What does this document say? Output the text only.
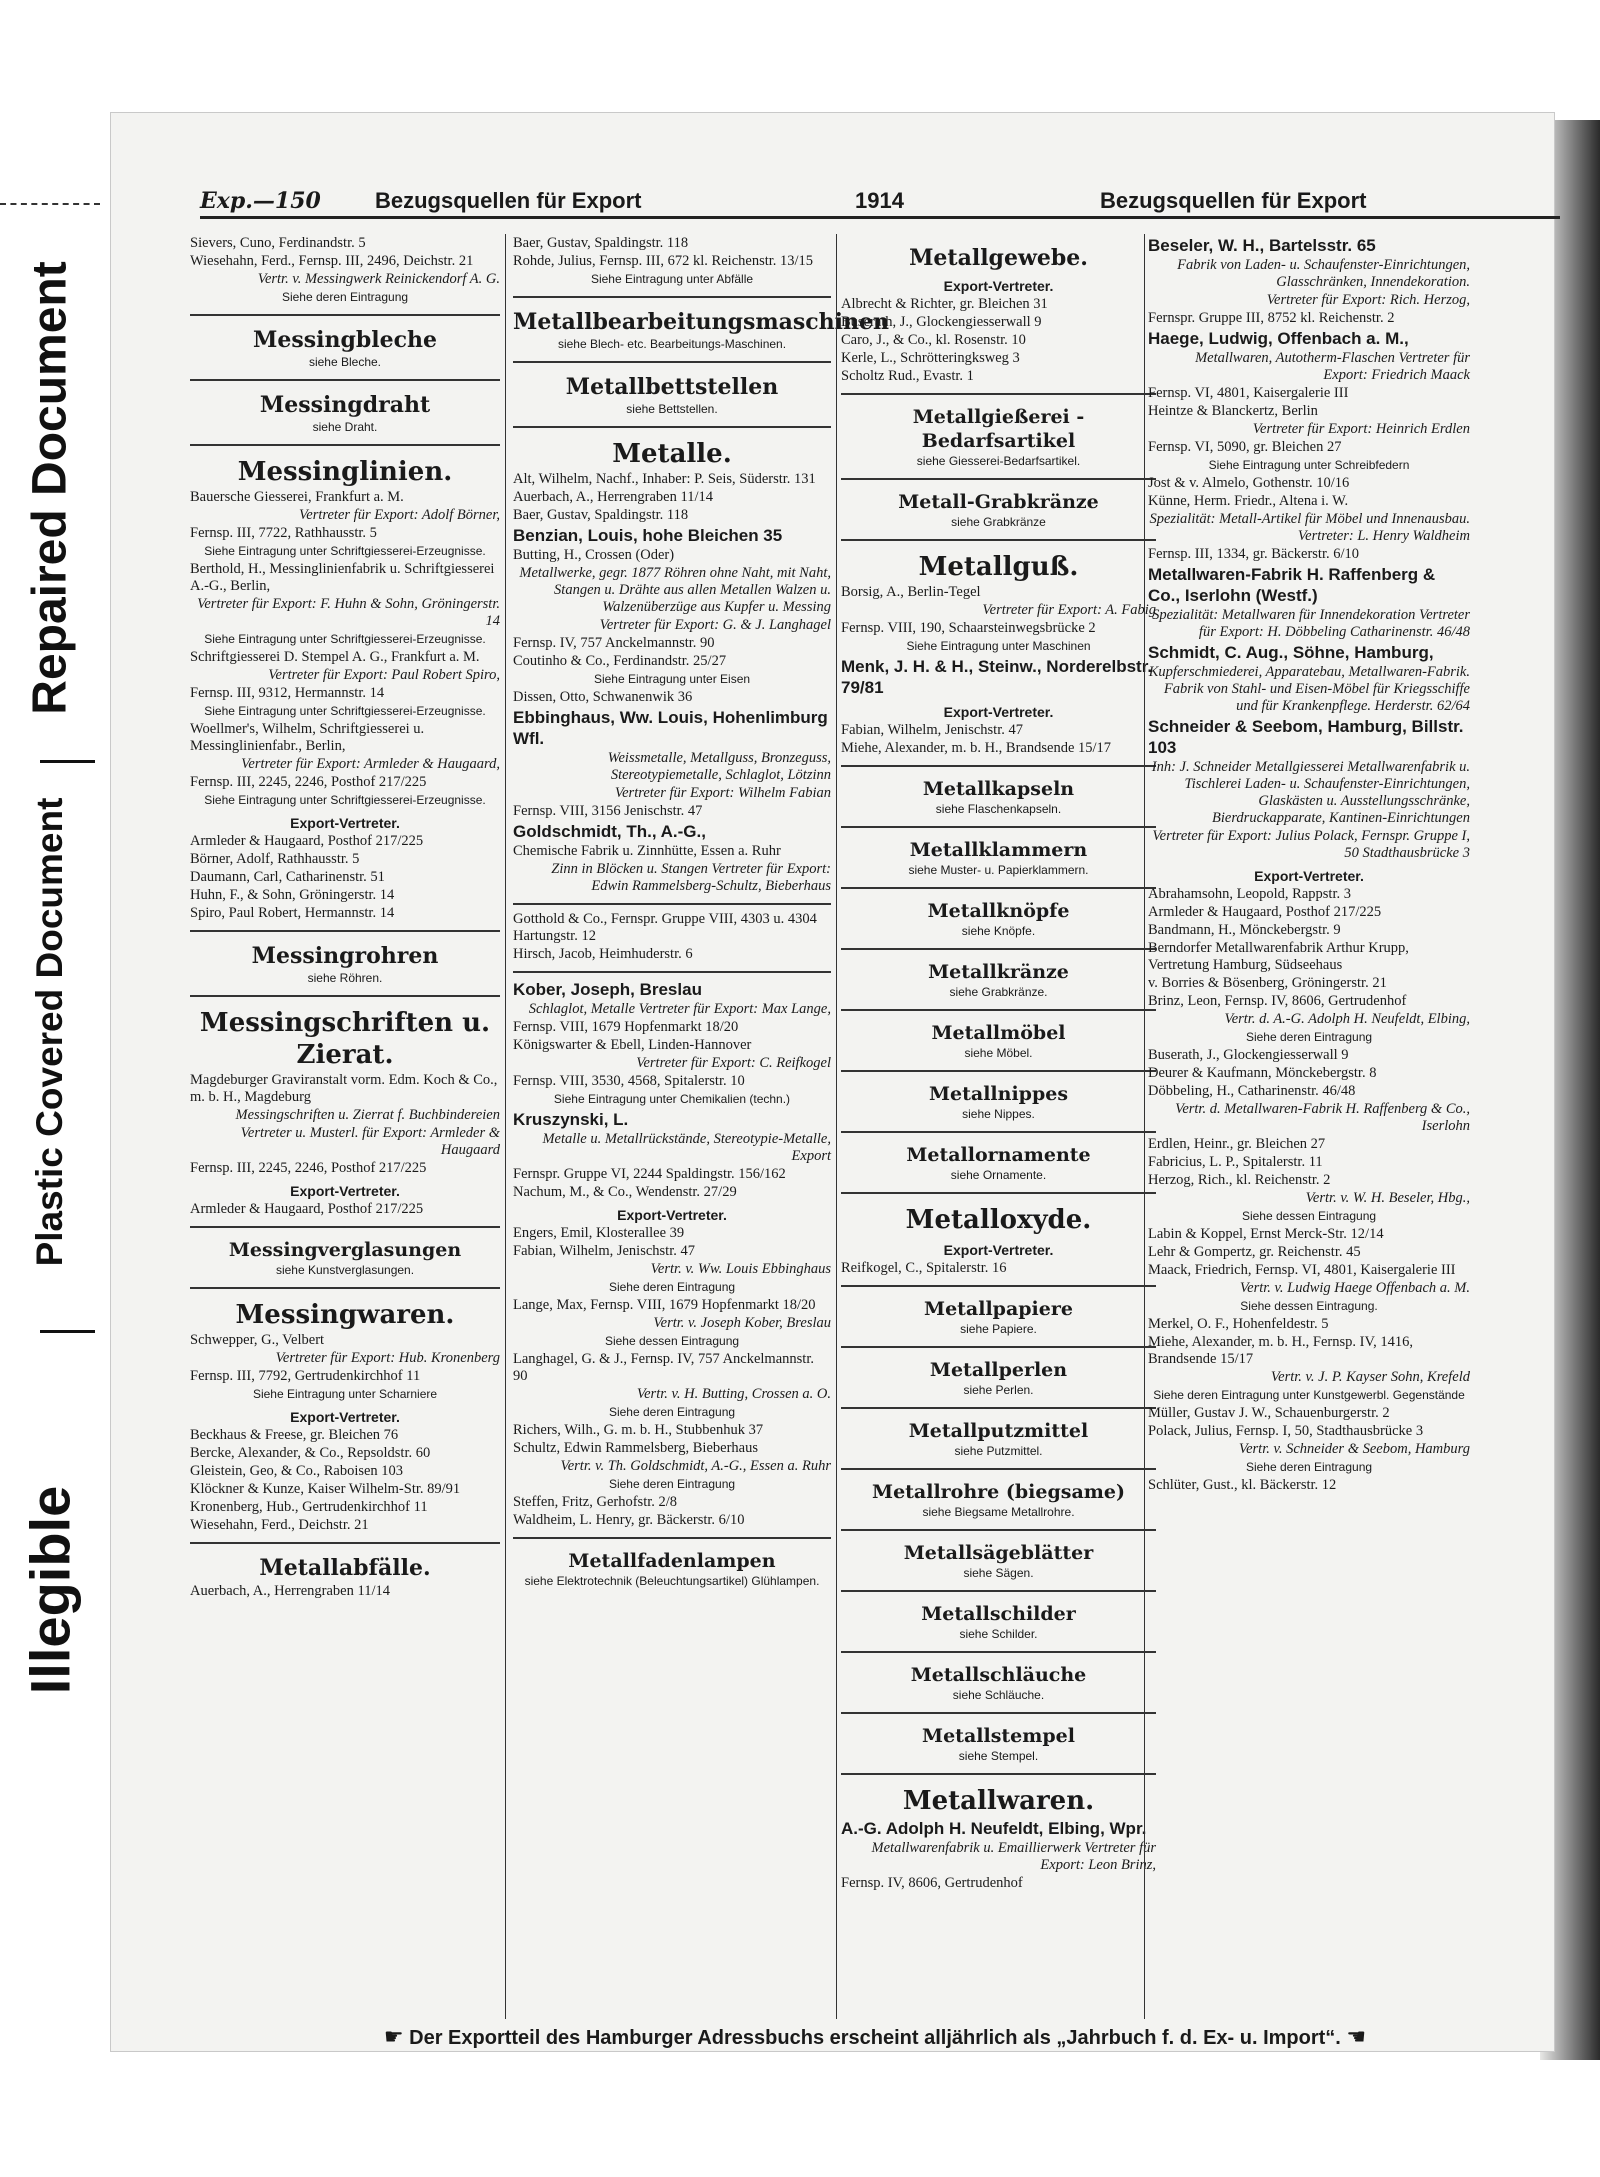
Repaired Document
Plastic Covered Document
Illegible
Exp.—150 Bezugsquellen für Export	1914	Bezugsquellen für Export
Sievers, Cuno, Ferdinandstr. 5
Wiesehahn, Ferd., Fernsp. III, 2496, Deichstr. 21
Vertr. v. Messingwerk Reinickendorf A. G.
Siehe deren Eintragung
Messingbleche
siehe Bleche.
Messingdraht
siehe Draht.
Messinglinien.
Bauersche Giesserei, Frankfurt a. M.
Vertreter für Export: Adolf Börner,
Fernsp. III, 7722, Rathhausstr. 5
Siehe Eintragung unter Schriftgiesserei-Erzeugnisse.
Berthold, H., Messinglinienfabrik u. Schriftgiesserei A.-G., Berlin,
Vertreter für Export: F. Huhn & Sohn, Gröningerstr. 14
Siehe Eintragung unter Schriftgiesserei-Erzeugnisse.
Schriftgiesserei D. Stempel A. G., Frankfurt a. M.
Vertreter für Export: Paul Robert Spiro,
Fernsp. III, 9312, Hermannstr. 14
Siehe Eintragung unter Schriftgiesserei-Erzeugnisse.
Woellmer's, Wilhelm, Schriftgiesserei u. Messinglinienfabr., Berlin,
Vertreter für Export: Armleder & Haugaard,
Fernsp. III, 2245, 2246, Posthof 217/225
Siehe Eintragung unter Schriftgiesserei-Erzeugnisse.
Export-Vertreter.
Armleder & Haugaard, Posthof 217/225
Börner, Adolf, Rathhausstr. 5
Daumann, Carl, Catharinenstr. 51
Huhn, F., & Sohn, Gröningerstr. 14
Spiro, Paul Robert, Hermannstr. 14
Messingrohren
siehe Röhren.
Messingschriften u. Zierat.
Magdeburger Graviranstalt vorm. Edm. Koch & Co., m. b. H., Magdeburg
Messingschriften u. Zierrat f. Buchbindereien
Vertreter u. Musterl. für Export: Armleder & Haugaard
Fernsp. III, 2245, 2246, Posthof 217/225
Export-Vertreter.
Armleder & Haugaard, Posthof 217/225
Messingverglasungen
siehe Kunstverglasungen.
Messingwaren.
Schwepper, G., Velbert
Vertreter für Export: Hub. Kronenberg
Fernsp. III, 7792, Gertrudenkirchhof 11
Siehe Eintragung unter Scharniere
Export-Vertreter.
Beckhaus & Freese, gr. Bleichen 76
Bercke, Alexander, & Co., Repsoldstr. 60
Gleistein, Geo, & Co., Raboisen 103
Klöckner & Kunze, Kaiser Wilhelm-Str. 89/91
Kronenberg, Hub., Gertrudenkirchhof 11
Wiesehahn, Ferd., Deichstr. 21
Metallabfälle.
Auerbach, A., Herrengraben 11/14
Baer, Gustav, Spaldingstr. 118
Rohde, Julius, Fernsp. III, 672 kl. Reichenstr. 13/15
Siehe Eintragung unter Abfälle
Metallbearbeitungsmaschinen
siehe Blech- etc. Bearbeitungs-Maschinen.
Metallbettstellen
siehe Bettstellen.
Metalle.
Alt, Wilhelm, Nachf., Inhaber: P. Seis, Süderstr. 131
Auerbach, A., Herrengraben 11/14
Baer, Gustav, Spaldingstr. 118
Benzian, Louis, hohe Bleichen 35
Butting, H., Crossen (Oder)
Metallwerke, gegr. 1877 Röhren ohne Naht, mit Naht, Stangen u. Drähte aus allen Metallen Walzen u. Walzenüberzüge aus Kupfer u. Messing
Vertreter für Export: G. & J. Langhagel
Fernsp. IV, 757 Anckelmannstr. 90
Coutinho & Co., Ferdinandstr. 25/27
Siehe Eintragung unter Eisen
Dissen, Otto, Schwanenwik 36
Ebbinghaus, Ww. Louis, Hohenlimburg Wfl.
Weissmetalle, Metallguss, Bronzeguss, Stereotypiemetalle, Schlaglot, Lötzinn
Vertreter für Export: Wilhelm Fabian
Fernsp. VIII, 3156 Jenischstr. 47
Goldschmidt, Th., A.-G.,
Chemische Fabrik u. Zinnhütte, Essen a. Ruhr
Zinn in Blöcken u. Stangen Vertreter für Export: Edwin Rammelsberg-Schultz, Bieberhaus
Gotthold & Co., Fernspr. Gruppe VIII, 4303 u. 4304 Hartungstr. 12
Hirsch, Jacob, Heimhuderstr. 6
Kober, Joseph, Breslau
Schlaglot, Metalle Vertreter für Export: Max Lange,
Fernsp. VIII, 1679 Hopfenmarkt 18/20
Königswarter & Ebell, Linden-Hannover
Vertreter für Export: C. Reifkogel
Fernsp. VIII, 3530, 4568, Spitalerstr. 10
Siehe Eintragung unter Chemikalien (techn.)
Kruszynski, L.
Metalle u. Metallrückstände, Stereotypie-Metalle, Export
Fernspr. Gruppe VI, 2244 Spaldingstr. 156/162
Nachum, M., & Co., Wendenstr. 27/29
Export-Vertreter.
Engers, Emil, Klosterallee 39
Fabian, Wilhelm, Jenischstr. 47
Vertr. v. Ww. Louis Ebbinghaus
Siehe deren Eintragung
Lange, Max, Fernsp. VIII, 1679 Hopfenmarkt 18/20
Vertr. v. Joseph Kober, Breslau
Siehe dessen Eintragung
Langhagel, G. & J., Fernsp. IV, 757 Anckelmannstr. 90
Vertr. v. H. Butting, Crossen a. O.
Siehe deren Eintragung
Richers, Wilh., G. m. b. H., Stubbenhuk 37
Schultz, Edwin Rammelsberg, Bieberhaus
Vertr. v. Th. Goldschmidt, A.-G., Essen a. Ruhr
Siehe deren Eintragung
Steffen, Fritz, Gerhofstr. 2/8
Waldheim, L. Henry, gr. Bäckerstr. 6/10
Metallfadenlampen
siehe Elektrotechnik (Beleuchtungsartikel) Glühlampen.
Metallgewebe.
Export-Vertreter.
Albrecht & Richter, gr. Bleichen 31
Buserath, J., Glockengiesserwall 9
Caro, J., & Co., kl. Rosenstr. 10
Kerle, L., Schrötteringksweg 3
Scholtz Rud., Evastr. 1
Metallgießerei - Bedarfsartikel
siehe Giesserei-Bedarfsartikel.
Metall-Grabkränze
siehe Grabkränze
Metallguß.
Borsig, A., Berlin-Tegel
Vertreter für Export: A. Fabig
Fernsp. VIII, 190, Schaarsteinwegsbrücke 2
Siehe Eintragung unter Maschinen
Menk, J. H. & H., Steinw., Norderelbstr. 79/81
Export-Vertreter.
Fabian, Wilhelm, Jenischstr. 47
Miehe, Alexander, m. b. H., Brandsende 15/17
Metallkapseln
siehe Flaschenkapseln.
Metallklammern
siehe Muster- u. Papierklammern.
Metallknöpfe
siehe Knöpfe.
Metallkränze
siehe Grabkränze.
Metallmöbel
siehe Möbel.
Metallnippes
siehe Nippes.
Metallornamente
siehe Ornamente.
Metalloxyde.
Export-Vertreter.
Reifkogel, C., Spitalerstr. 16
Metallpapiere
siehe Papiere.
Metallperlen
siehe Perlen.
Metallputzmittel
siehe Putzmittel.
Metallrohre (biegsame)
siehe Biegsame Metallrohre.
Metallsägeblätter
siehe Sägen.
Metallschilder
siehe Schilder.
Metallschläuche
siehe Schläuche.
Metallstempel
siehe Stempel.
Metallwaren.
A.-G. Adolph H. Neufeldt, Elbing, Wpr.
Metallwarenfabrik u. Emaillierwerk Vertreter für Export: Leon Brinz,
Fernsp. IV, 8606, Gertrudenhof
Beseler, W. H., Bartelsstr. 65
Fabrik von Laden- u. Schaufenster-Einrichtungen, Glasschränken, Innendekoration.
Vertreter für Export: Rich. Herzog,
Fernspr. Gruppe III, 8752 kl. Reichenstr. 2
Haege, Ludwig, Offenbach a. M.,
Metallwaren, Autotherm-Flaschen Vertreter für Export: Friedrich Maack
Fernsp. VI, 4801, Kaisergalerie III
Heintze & Blanckertz, Berlin
Vertreter für Export: Heinrich Erdlen
Fernsp. VI, 5090, gr. Bleichen 27
Siehe Eintragung unter Schreibfedern
Jost & v. Almelo, Gothenstr. 10/16
Künne, Herm. Friedr., Altena i. W.
Spezialität: Metall-Artikel für Möbel und Innenausbau. Vertreter: L. Henry Waldheim
Fernsp. III, 1334, gr. Bäckerstr. 6/10
Metallwaren-Fabrik H. Raffenberg & Co., Iserlohn (Westf.)
Spezialität: Metallwaren für Innendekoration Vertreter für Export: H. Döbbeling Catharinenstr. 46/48
Schmidt, C. Aug., Söhne, Hamburg,
Kupferschmiederei, Apparatebau, Metallwaren-Fabrik. Fabrik von Stahl- und Eisen-Möbel für Kriegsschiffe und für Krankenpflege. Herderstr. 62/64
Schneider & Seebom, Hamburg, Billstr. 103
Inh: J. Schneider Metallgiesserei Metallwarenfabrik u. Tischlerei Laden- u. Schaufenster-Einrichtungen, Glaskästen u. Ausstellungsschränke, Bierdruckapparate, Kantinen-Einrichtungen
Vertreter für Export: Julius Polack, Fernspr. Gruppe I, 50 Stadthausbrücke 3
Export-Vertreter.
Abrahamsohn, Leopold, Rappstr. 3
Armleder & Haugaard, Posthof 217/225
Bandmann, H., Mönckebergstr. 9
Berndorfer Metallwarenfabrik Arthur Krupp, Vertretung Hamburg, Südseehaus
v. Borries & Bösenberg, Gröningerstr. 21
Brinz, Leon, Fernsp. IV, 8606, Gertrudenhof
Vertr. d. A.-G. Adolph H. Neufeldt, Elbing,
Siehe deren Eintragung
Buserath, J., Glockengiesserwall 9
Deurer & Kaufmann, Mönckebergstr. 8
Döbbeling, H., Catharinenstr. 46/48
Vertr. d. Metallwaren-Fabrik H. Raffenberg & Co., Iserlohn
Erdlen, Heinr., gr. Bleichen 27
Fabricius, L. P., Spitalerstr. 11
Herzog, Rich., kl. Reichenstr. 2
Vertr. v. W. H. Beseler, Hbg.,
Siehe dessen Eintragung
Labin & Koppel, Ernst Merck-Str. 12/14
Lehr & Gompertz, gr. Reichenstr. 45
Maack, Friedrich, Fernsp. VI, 4801, Kaisergalerie III
Vertr. v. Ludwig Haege Offenbach a. M.
Siehe dessen Eintragung.
Merkel, O. F., Hohenfeldestr. 5
Miehe, Alexander, m. b. H., Fernsp. IV, 1416, Brandsende 15/17
Vertr. v. J. P. Kayser Sohn, Krefeld
Siehe deren Eintragung unter Kunstgewerbl. Gegenstände
Müller, Gustav J. W., Schauenburgerstr. 2
Polack, Julius, Fernsp. I, 50, Stadthausbrücke 3
Vertr. v. Schneider & Seebom, Hamburg
Siehe deren Eintragung
Schlüter, Gust., kl. Bäckerstr. 12
☛ Der Exportteil des Hamburger Adressbuchs erscheint alljährlich als „Jahrbuch f. d. Ex- u. Import“. ☚
